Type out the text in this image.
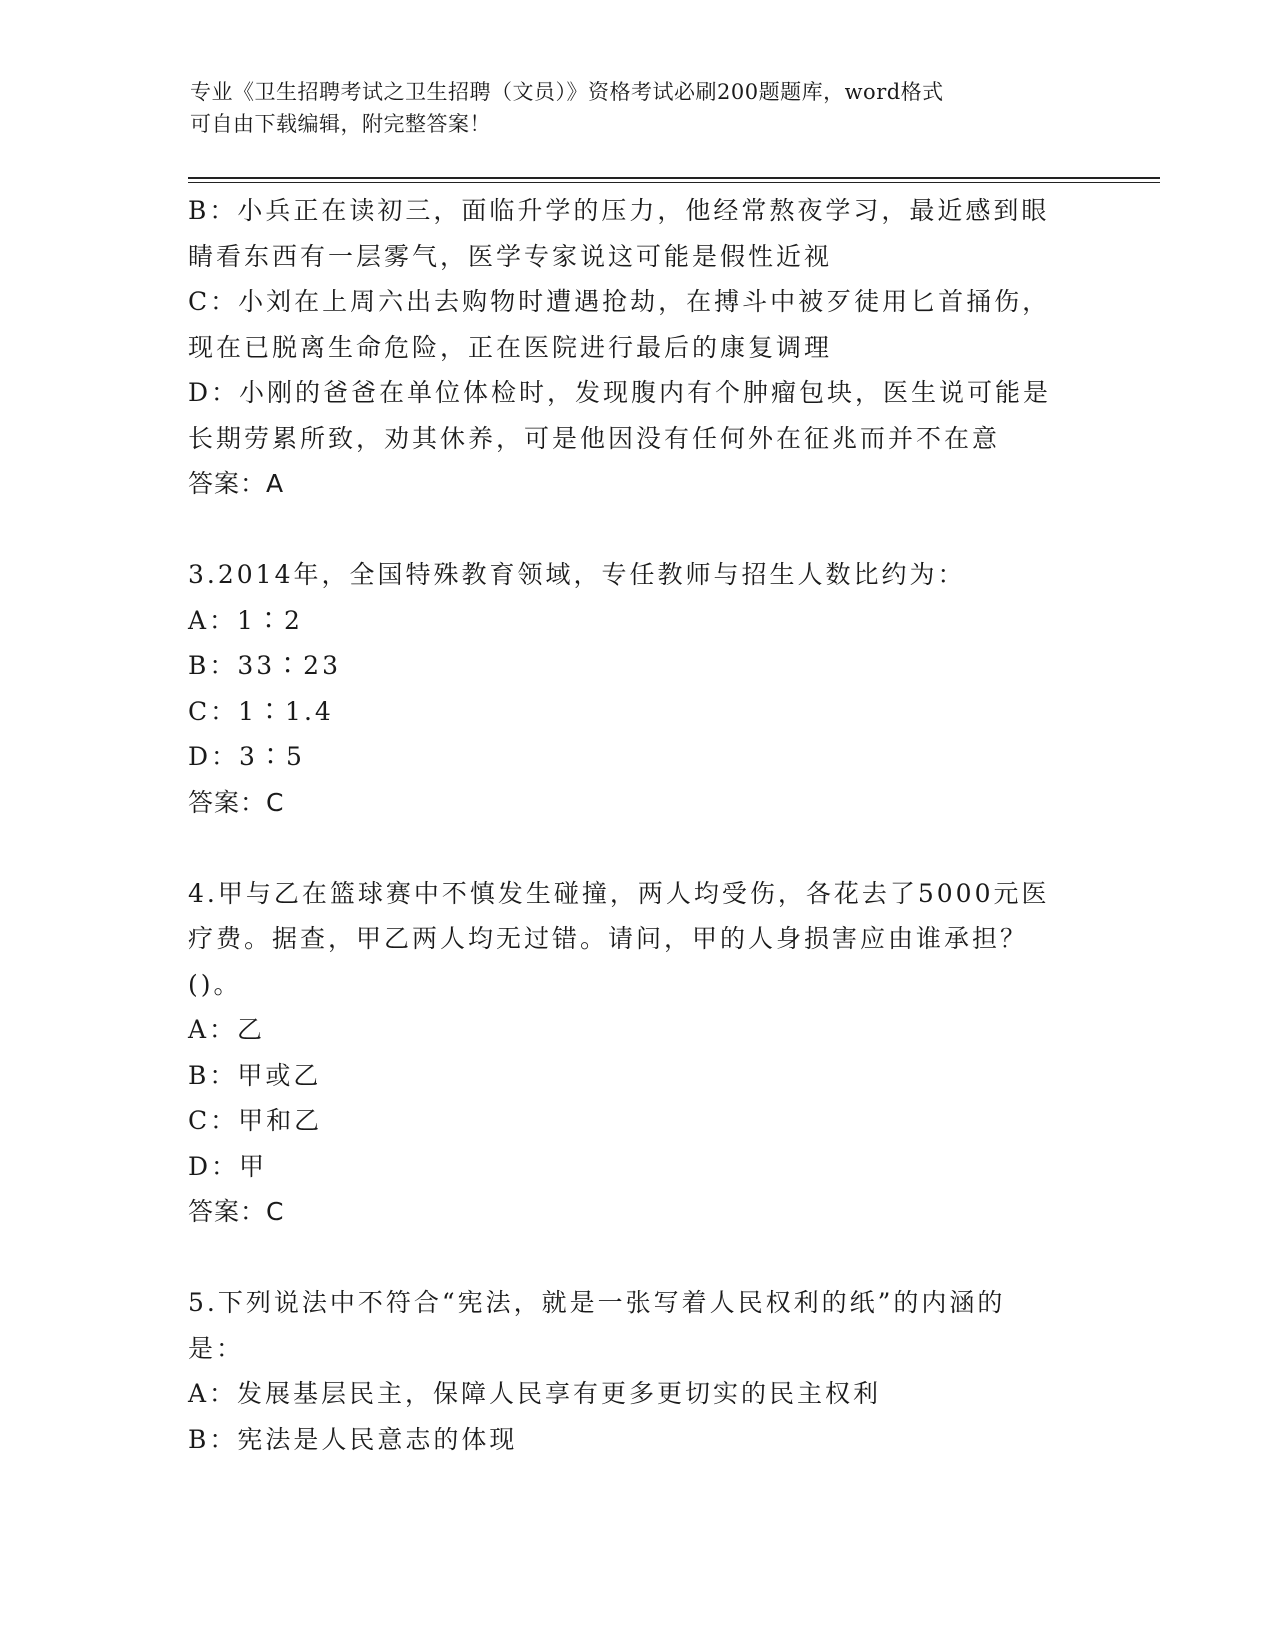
专业《卫生招聘考试之卫生招聘（文员）》资格考试必刷200题题库，word格式
可自由下载编辑，附完整答案！
B：小兵正在读初三，面临升学的压力，他经常熬夜学习，最近感到眼
睛看东西有一层雾气，医学专家说这可能是假性近视
C：小刘在上周六出去购物时遭遇抢劫，在搏斗中被歹徒用匕首捅伤，
现在已脱离生命危险，正在医院进行最后的康复调理
D：小刚的爸爸在单位体检时，发现腹内有个肿瘤包块，医生说可能是
长期劳累所致，劝其休养，可是他因没有任何外在征兆而并不在意
答案：A
3.2014年，全国特殊教育领域，专任教师与招生人数比约为：
A：1∶2
B：33∶23
C：1∶1.4
D：3∶5
答案：C
4.甲与乙在篮球赛中不慎发生碰撞，两人均受伤，各花去了5000元医
疗费。据查，甲乙两人均无过错。请问，甲的人身损害应由谁承担？
()。
A：乙
B：甲或乙
C：甲和乙
D：甲
答案：C
5.下列说法中不符合“宪法，就是一张写着人民权利的纸”的内涵的
是：
A：发展基层民主，保障人民享有更多更切实的民主权利
B：宪法是人民意志的体现
